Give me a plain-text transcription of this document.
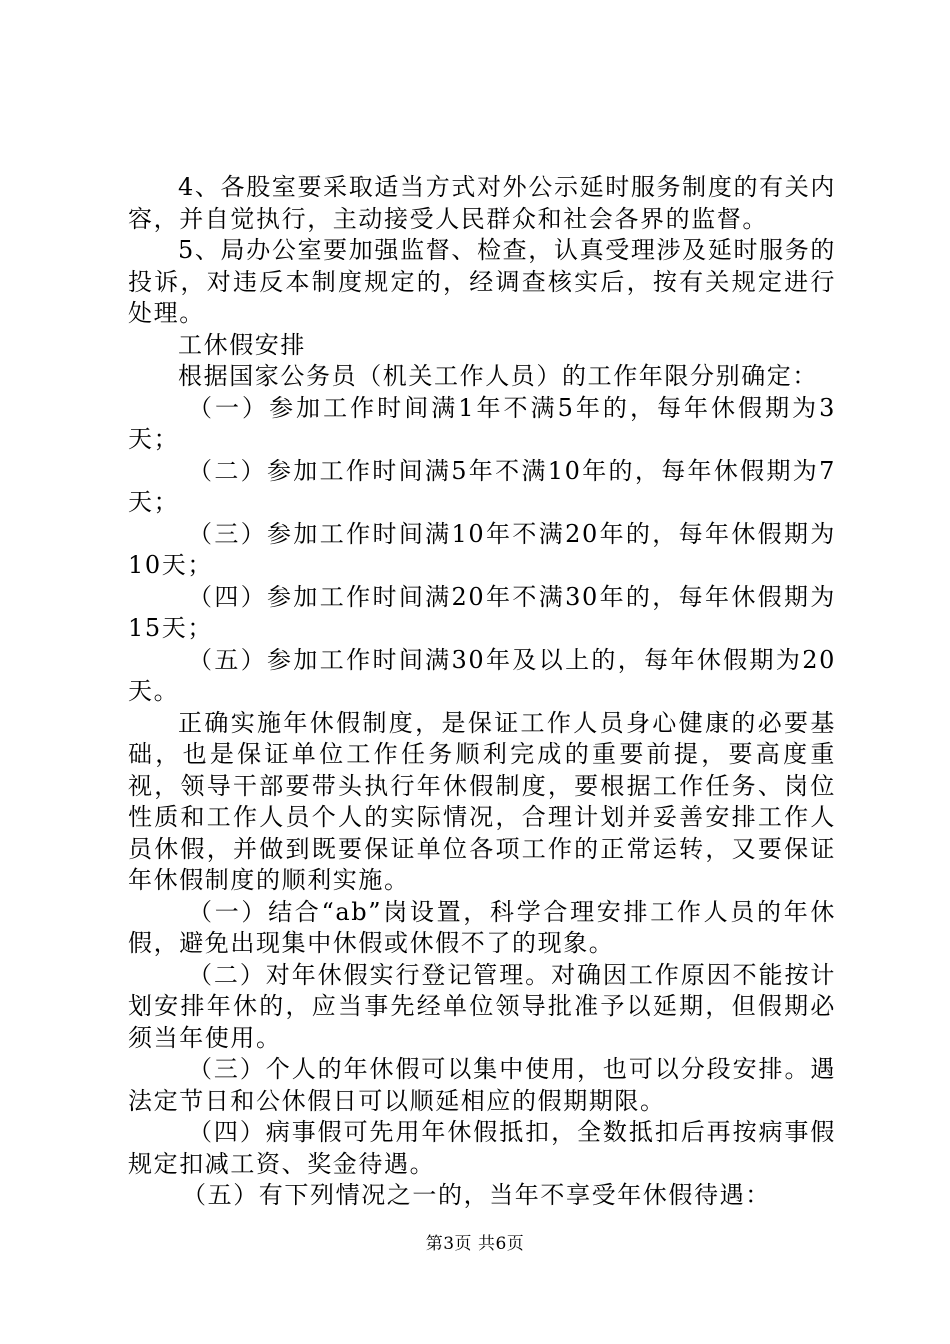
4、各股室要采取适当方式对外公示延时服务制度的有关内容，并自觉执行，主动接受人民群众和社会各界的监督。

5、局办公室要加强监督、检查，认真受理涉及延时服务的投诉，对违反本制度规定的，经调查核实后，按有关规定进行处理。

工休假安排

根据国家公务员（机关工作人员）的工作年限分别确定：

（一）参加工作时间满1年不满5年的，每年休假期为3天；

（二）参加工作时间满5年不满10年的，每年休假期为7天；

（三）参加工作时间满10年不满20年的，每年休假期为10天；

（四）参加工作时间满20年不满30年的，每年休假期为15天；

（五）参加工作时间满30年及以上的，每年休假期为20天。

正确实施年休假制度，是保证工作人员身心健康的必要基础，也是保证单位工作任务顺利完成的重要前提，要高度重视，领导干部要带头执行年休假制度，要根据工作任务、岗位性质和工作人员个人的实际情况，合理计划并妥善安排工作人员休假，并做到既要保证单位各项工作的正常运转，又要保证年休假制度的顺利实施。

（一）结合“ab”岗设置，科学合理安排工作人员的年休假，避免出现集中休假或休假不了的现象。

（二）对年休假实行登记管理。对确因工作原因不能按计划安排年休的，应当事先经单位领导批准予以延期，但假期必须当年使用。

（三）个人的年休假可以集中使用，也可以分段安排。遇法定节日和公休假日可以顺延相应的假期期限。

（四）病事假可先用年休假抵扣，全数抵扣后再按病事假规定扣减工资、奖金待遇。

（五）有下列情况之一的，当年不享受年休假待遇：

第3页 共6页
